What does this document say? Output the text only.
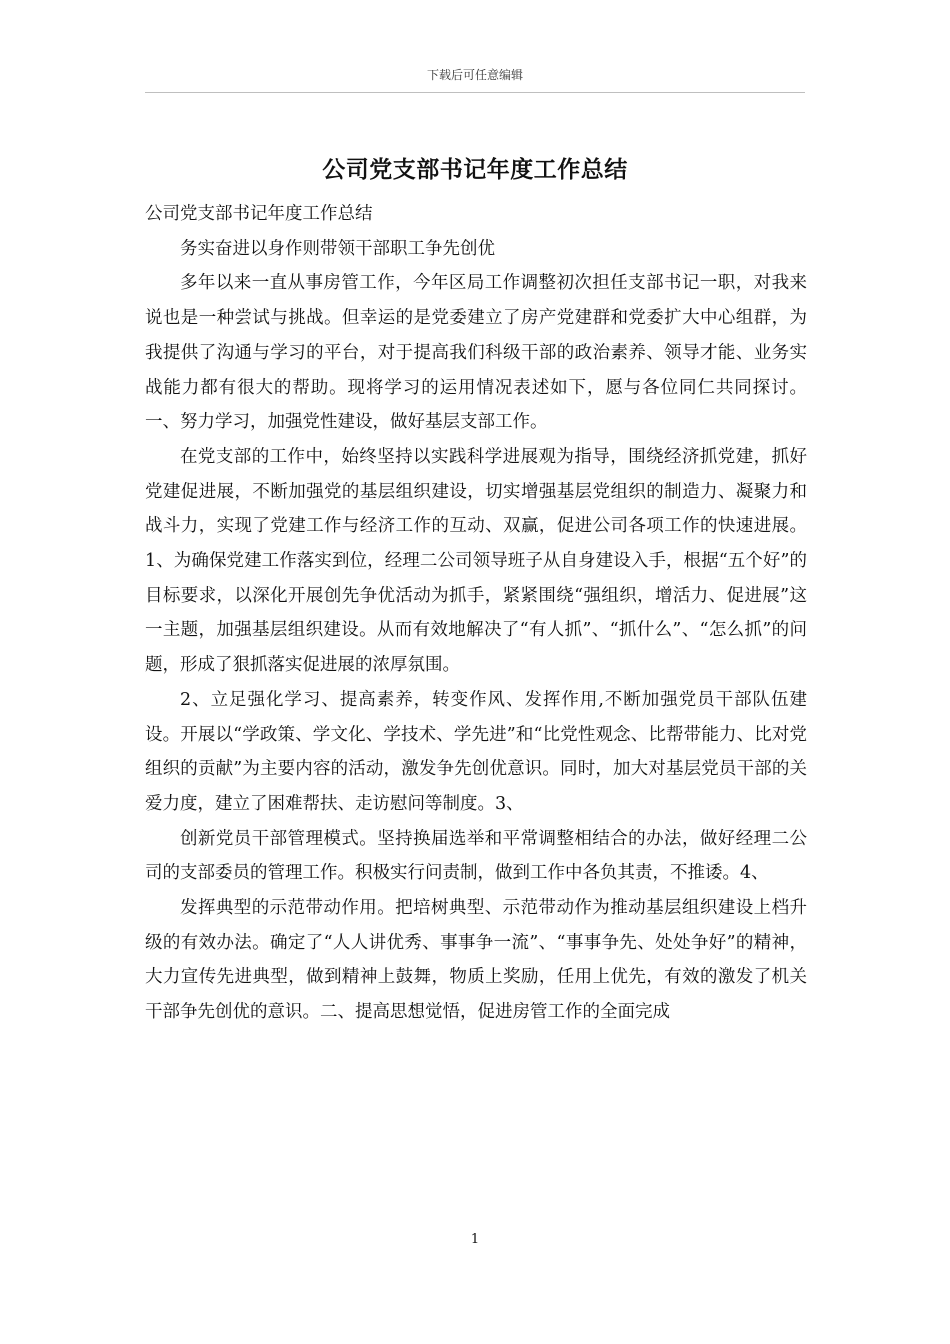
下载后可任意编辑
公司党支部书记年度工作总结

公司党支部书记年度工作总结

务实奋进以身作则带领干部职工争先创优

多年以来一直从事房管工作，今年区局工作调整初次担任支部书记一职，对我来说也是一种尝试与挑战。但幸运的是党委建立了房产党建群和党委扩大中心组群，为我提供了沟通与学习的平台，对于提高我们科级干部的政治素养、领导才能、业务实战能力都有很大的帮助。现将学习的运用情况表述如下，愿与各位同仁共同探讨。一、努力学习，加强党性建设，做好基层支部工作。

在党支部的工作中，始终坚持以实践科学进展观为指导，围绕经济抓党建，抓好党建促进展，不断加强党的基层组织建设，切实增强基层党组织的制造力、凝聚力和战斗力，实现了党建工作与经济工作的互动、双赢，促进公司各项工作的快速进展。1、为确保党建工作落实到位，经理二公司领导班子从自身建设入手，根据“五个好”的目标要求，以深化开展创先争优活动为抓手，紧紧围绕“强组织，增活力、促进展”这一主题，加强基层组织建设。从而有效地解决了“有人抓”、“抓什么”、“怎么抓”的问题，形成了狠抓落实促进展的浓厚氛围。

2、立足强化学习、提高素养，转变作风、发挥作用,不断加强党员干部队伍建设。开展以“学政策、学文化、学技术、学先进”和“比党性观念、比帮带能力、比对党组织的贡献”为主要内容的活动，激发争先创优意识。同时，加大对基层党员干部的关爱力度，建立了困难帮扶、走访慰问等制度。3、

创新党员干部管理模式。坚持换届选举和平常调整相结合的办法，做好经理二公司的支部委员的管理工作。积极实行问责制，做到工作中各负其责，不推诿。4、

发挥典型的示范带动作用。把培树典型、示范带动作为推动基层组织建设上档升级的有效办法。确定了“人人讲优秀、事事争一流”、“事事争先、处处争好”的精神，大力宣传先进典型，做到精神上鼓舞，物质上奖励，任用上优先，有效的激发了机关干部争先创优的意识。二、提高思想觉悟，促进房管工作的全面完成

1
